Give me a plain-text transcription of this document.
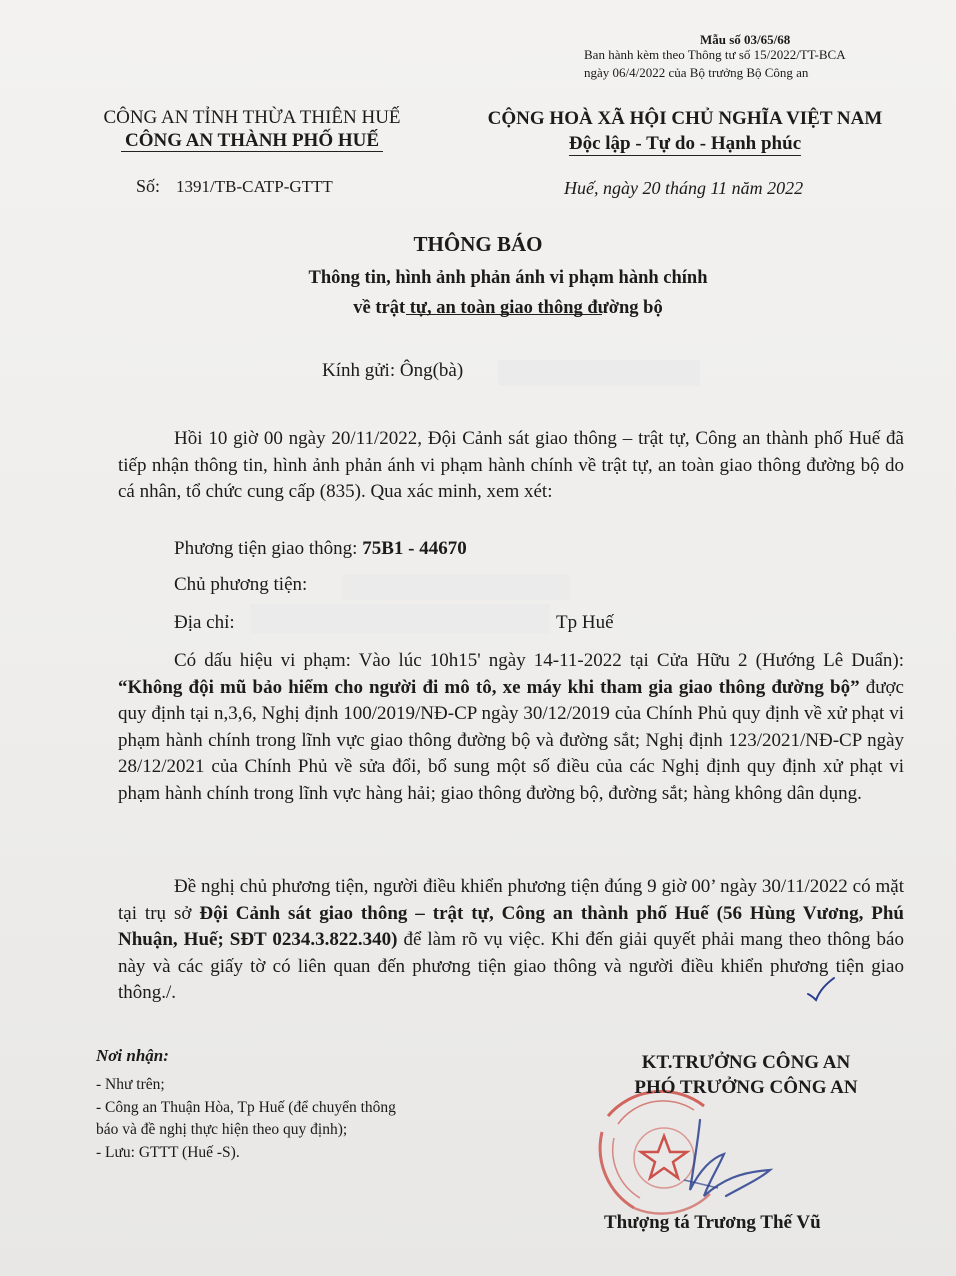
Mẫu số 03/65/68
Ban hành kèm theo Thông tư số 15/2022/TT-BCA
ngày 06/4/2022 của Bộ trưởng Bộ Công an
CÔNG AN TỈNH THỪA THIÊN HUẾ
CÔNG AN THÀNH PHỐ HUẾ
CỘNG HOÀ XÃ HỘI CHỦ NGHĨA VIỆT NAM
Độc lập - Tự do - Hạnh phúc
Số: 1391/TB-CATP-GTTT	Huế, ngày 20 tháng 11 năm 2022
THÔNG BÁO
Thông tin, hình ảnh phản ánh vi phạm hành chính
về trật tự, an toàn giao thông đường bộ
Kính gửi: Ông(bà)
Hồi 10 giờ 00 ngày 20/11/2022, Đội Cảnh sát giao thông – trật tự, Công an thành phố Huế đã tiếp nhận thông tin, hình ảnh phản ánh vi phạm hành chính về trật tự, an toàn giao thông đường bộ do cá nhân, tổ chức cung cấp (835). Qua xác minh, xem xét:
Phương tiện giao thông: 75B1 - 44670
Chủ phương tiện:
Địa chỉ:	Tp Huế
Có dấu hiệu vi phạm: Vào lúc 10h15' ngày 14-11-2022 tại Cửa Hữu 2 (Hướng Lê Duẩn): “Không đội mũ bảo hiểm cho người đi mô tô, xe máy khi tham gia giao thông đường bộ” được quy định tại n,3,6, Nghị định 100/2019/NĐ-CP ngày 30/12/2019 của Chính Phủ quy định về xử phạt vi phạm hành chính trong lĩnh vực giao thông đường bộ và đường sắt; Nghị định 123/2021/NĐ-CP ngày 28/12/2021 của Chính Phủ về sửa đổi, bổ sung một số điều của các Nghị định quy định xử phạt vi phạm hành chính trong lĩnh vực hàng hải; giao thông đường bộ, đường sắt; hàng không dân dụng.
Đề nghị chủ phương tiện, người điều khiển phương tiện đúng 9 giờ 00’ ngày 30/11/2022 có mặt tại trụ sở Đội Cảnh sát giao thông – trật tự, Công an thành phố Huế (56 Hùng Vương, Phú Nhuận, Huế; SĐT 0234.3.822.340) để làm rõ vụ việc. Khi đến giải quyết phải mang theo thông báo này và các giấy tờ có liên quan đến phương tiện giao thông và người điều khiển phương tiện giao thông./.
Nơi nhận:
- Như trên;
- Công an Thuận Hòa, Tp Huế (để chuyển thông
báo và đề nghị thực hiện theo quy định);
- Lưu: GTTT (Huế -S).
KT.TRƯỞNG CÔNG AN
PHÓ TRƯỞNG CÔNG AN
Thượng tá Trương Thế Vũ
